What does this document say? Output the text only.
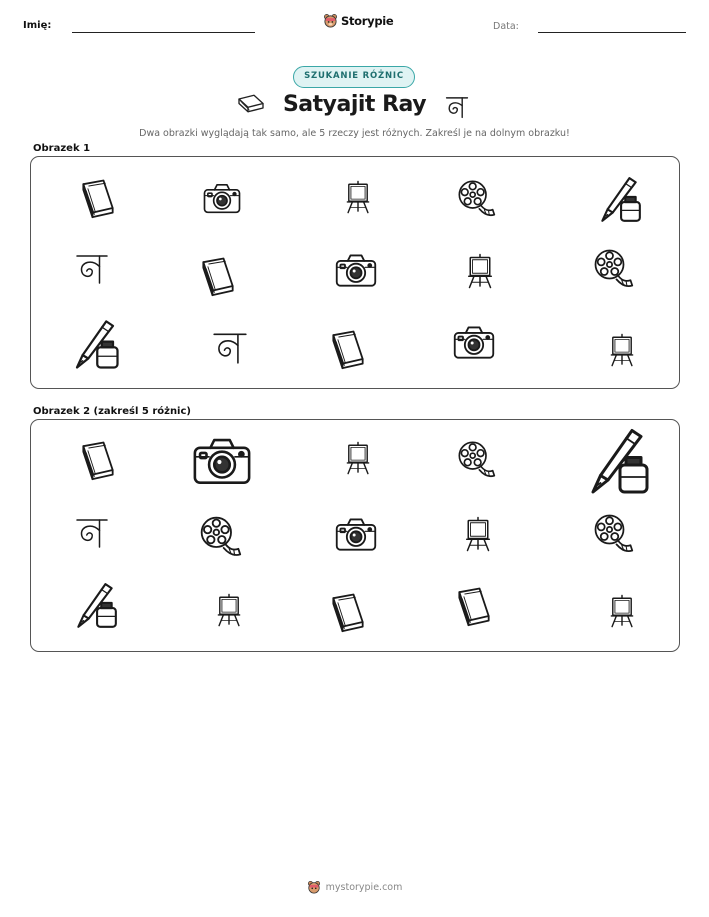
Imię:	Storypie	Data:
SZUKANIE RÓŻNIC
Satyajit Ray
Dwa obrazki wyglądają tak samo, ale 5 rzeczy jest różnych. Zakreśl je na dolnym obrazku!
Obrazek 1
Obrazek 2 (zakreśl 5 różnic)
mystorypie.com
